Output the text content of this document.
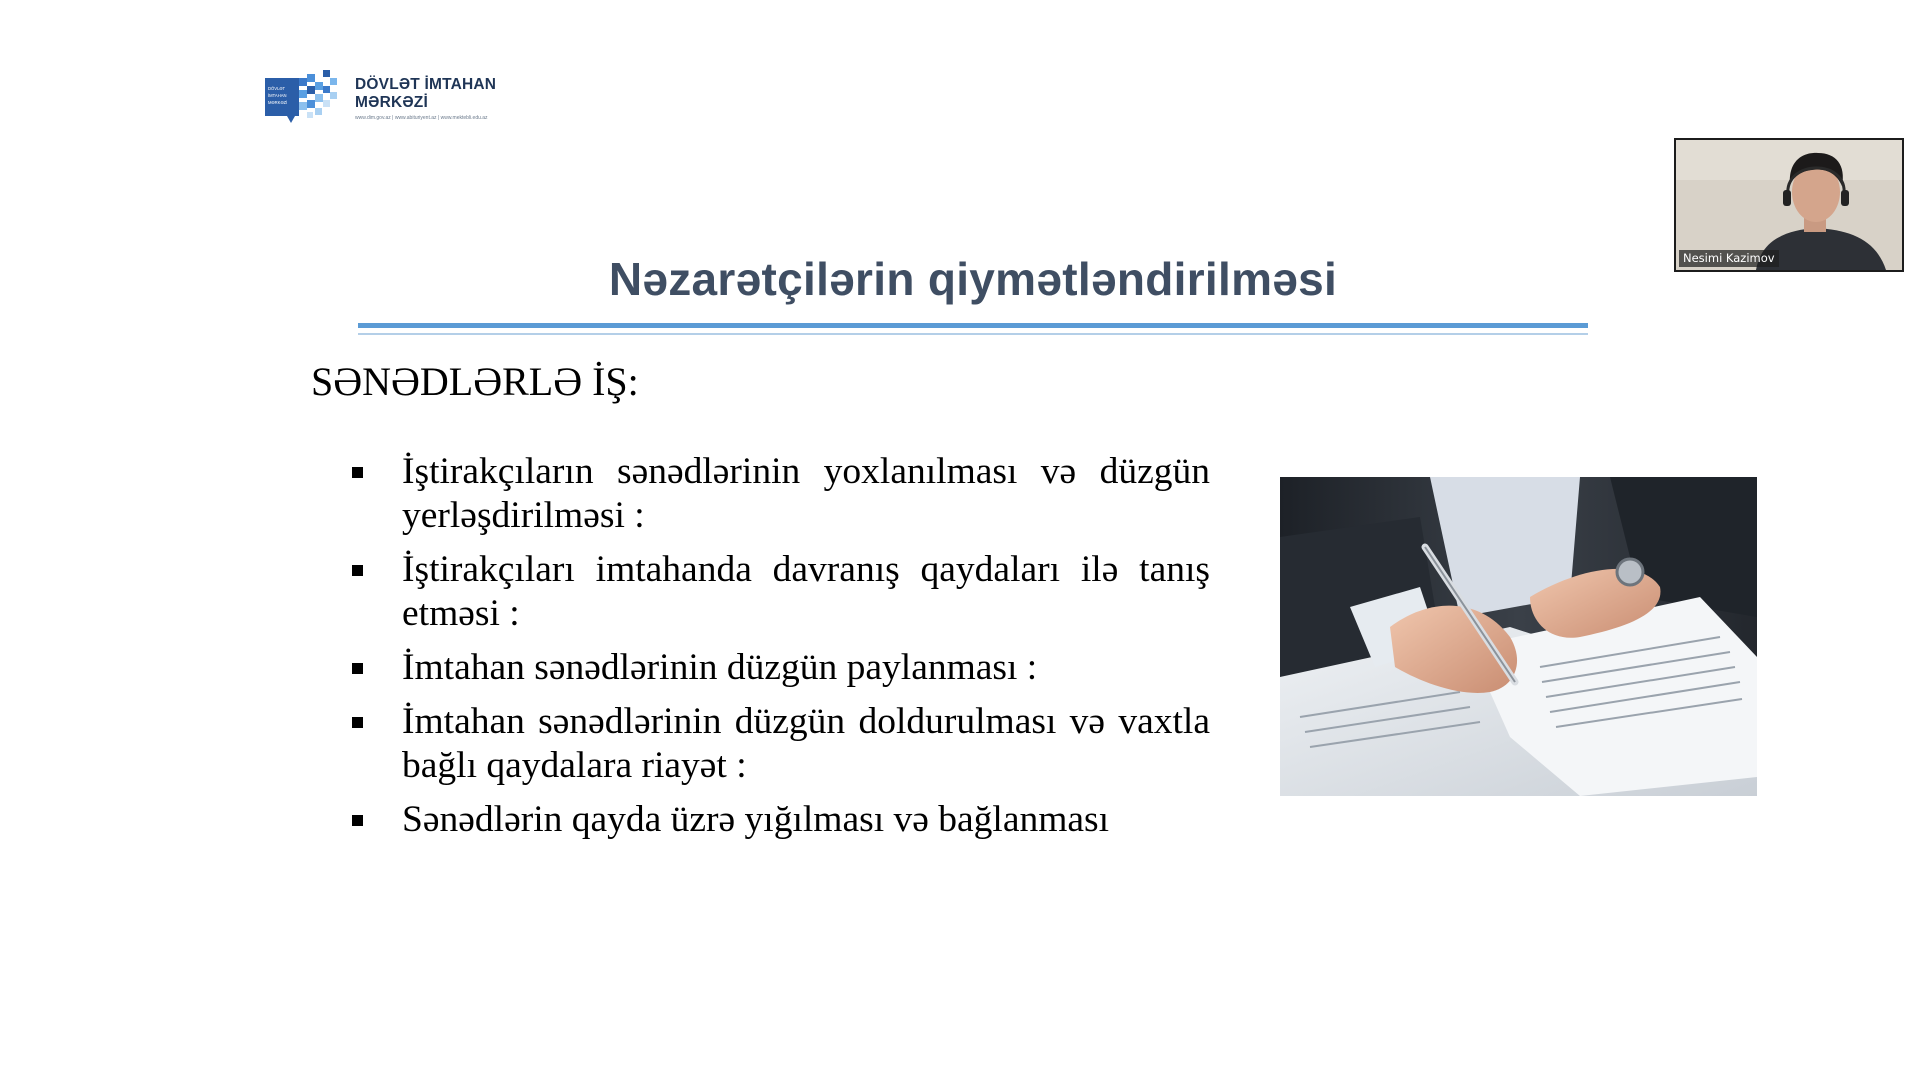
DÖVLƏT
İMTAHAN
MƏRKƏZİ
DÖVLƏT İMTAHAN
MƏRKƏZİ
www.dim.gov.az | www.abituriyent.az | www.mektebli.edu.az
Nəzarətçilərin qiymətləndirilməsi
SƏNƏDLƏRLƏ İŞ:
İştirakçıların sənədlərinin yoxlanılması və düzgün yerləşdirilməsi :
İştirakçıları imtahanda davranış qaydaları ilə tanış etməsi :
İmtahan sənədlərinin düzgün paylanması :
İmtahan sənədlərinin düzgün doldurulması və vaxtla bağlı qaydalara riayət :
Sənədlərin qayda üzrə yığılması və bağlanması
Nesimi Kazimov
